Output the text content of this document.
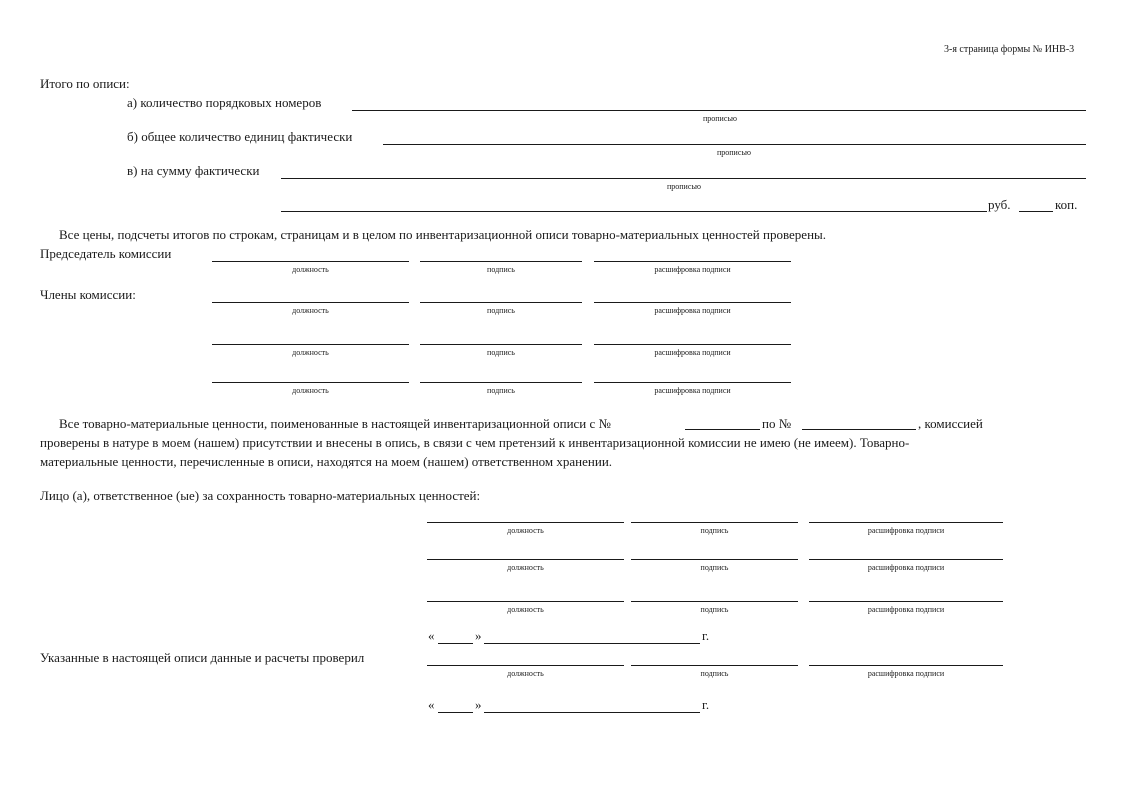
3-я страница формы № ИНВ-3
Итого по описи:
а) количество порядковых номеров
прописью
б) общее количество единиц фактически
прописью
в) на сумму фактически
прописью
руб.	коп.
Все цены, подсчеты итогов по строкам, страницам и в целом по инвентаризационной описи товарно-материальных ценностей проверены.
Председатель комиссии
должность	подпись	расшифровка подписи
Члены комиссии:
должность	подпись	расшифровка подписи
должность	подпись	расшифровка подписи
должность	подпись	расшифровка подписи
Все товарно-материальные ценности, поименованные в настоящей инвентаризационной описи с №	по №	, комиссией
проверены в натуре в моем (нашем) присутствии и внесены в опись, в связи с чем претензий к инвентаризационной комиссии не имею (не имеем). Товарно-
материальные ценности, перечисленные в описи, находятся на моем (нашем) ответственном хранении.
Лицо (а), ответственное (ые) за сохранность товарно-материальных ценностей:
должность	подпись	расшифровка подписи
должность	подпись	расшифровка подписи
должность	подпись	расшифровка подписи
«	»	г.
Указанные в настоящей описи данные и расчеты проверил
должность	подпись	расшифровка подписи
«	»	г.
